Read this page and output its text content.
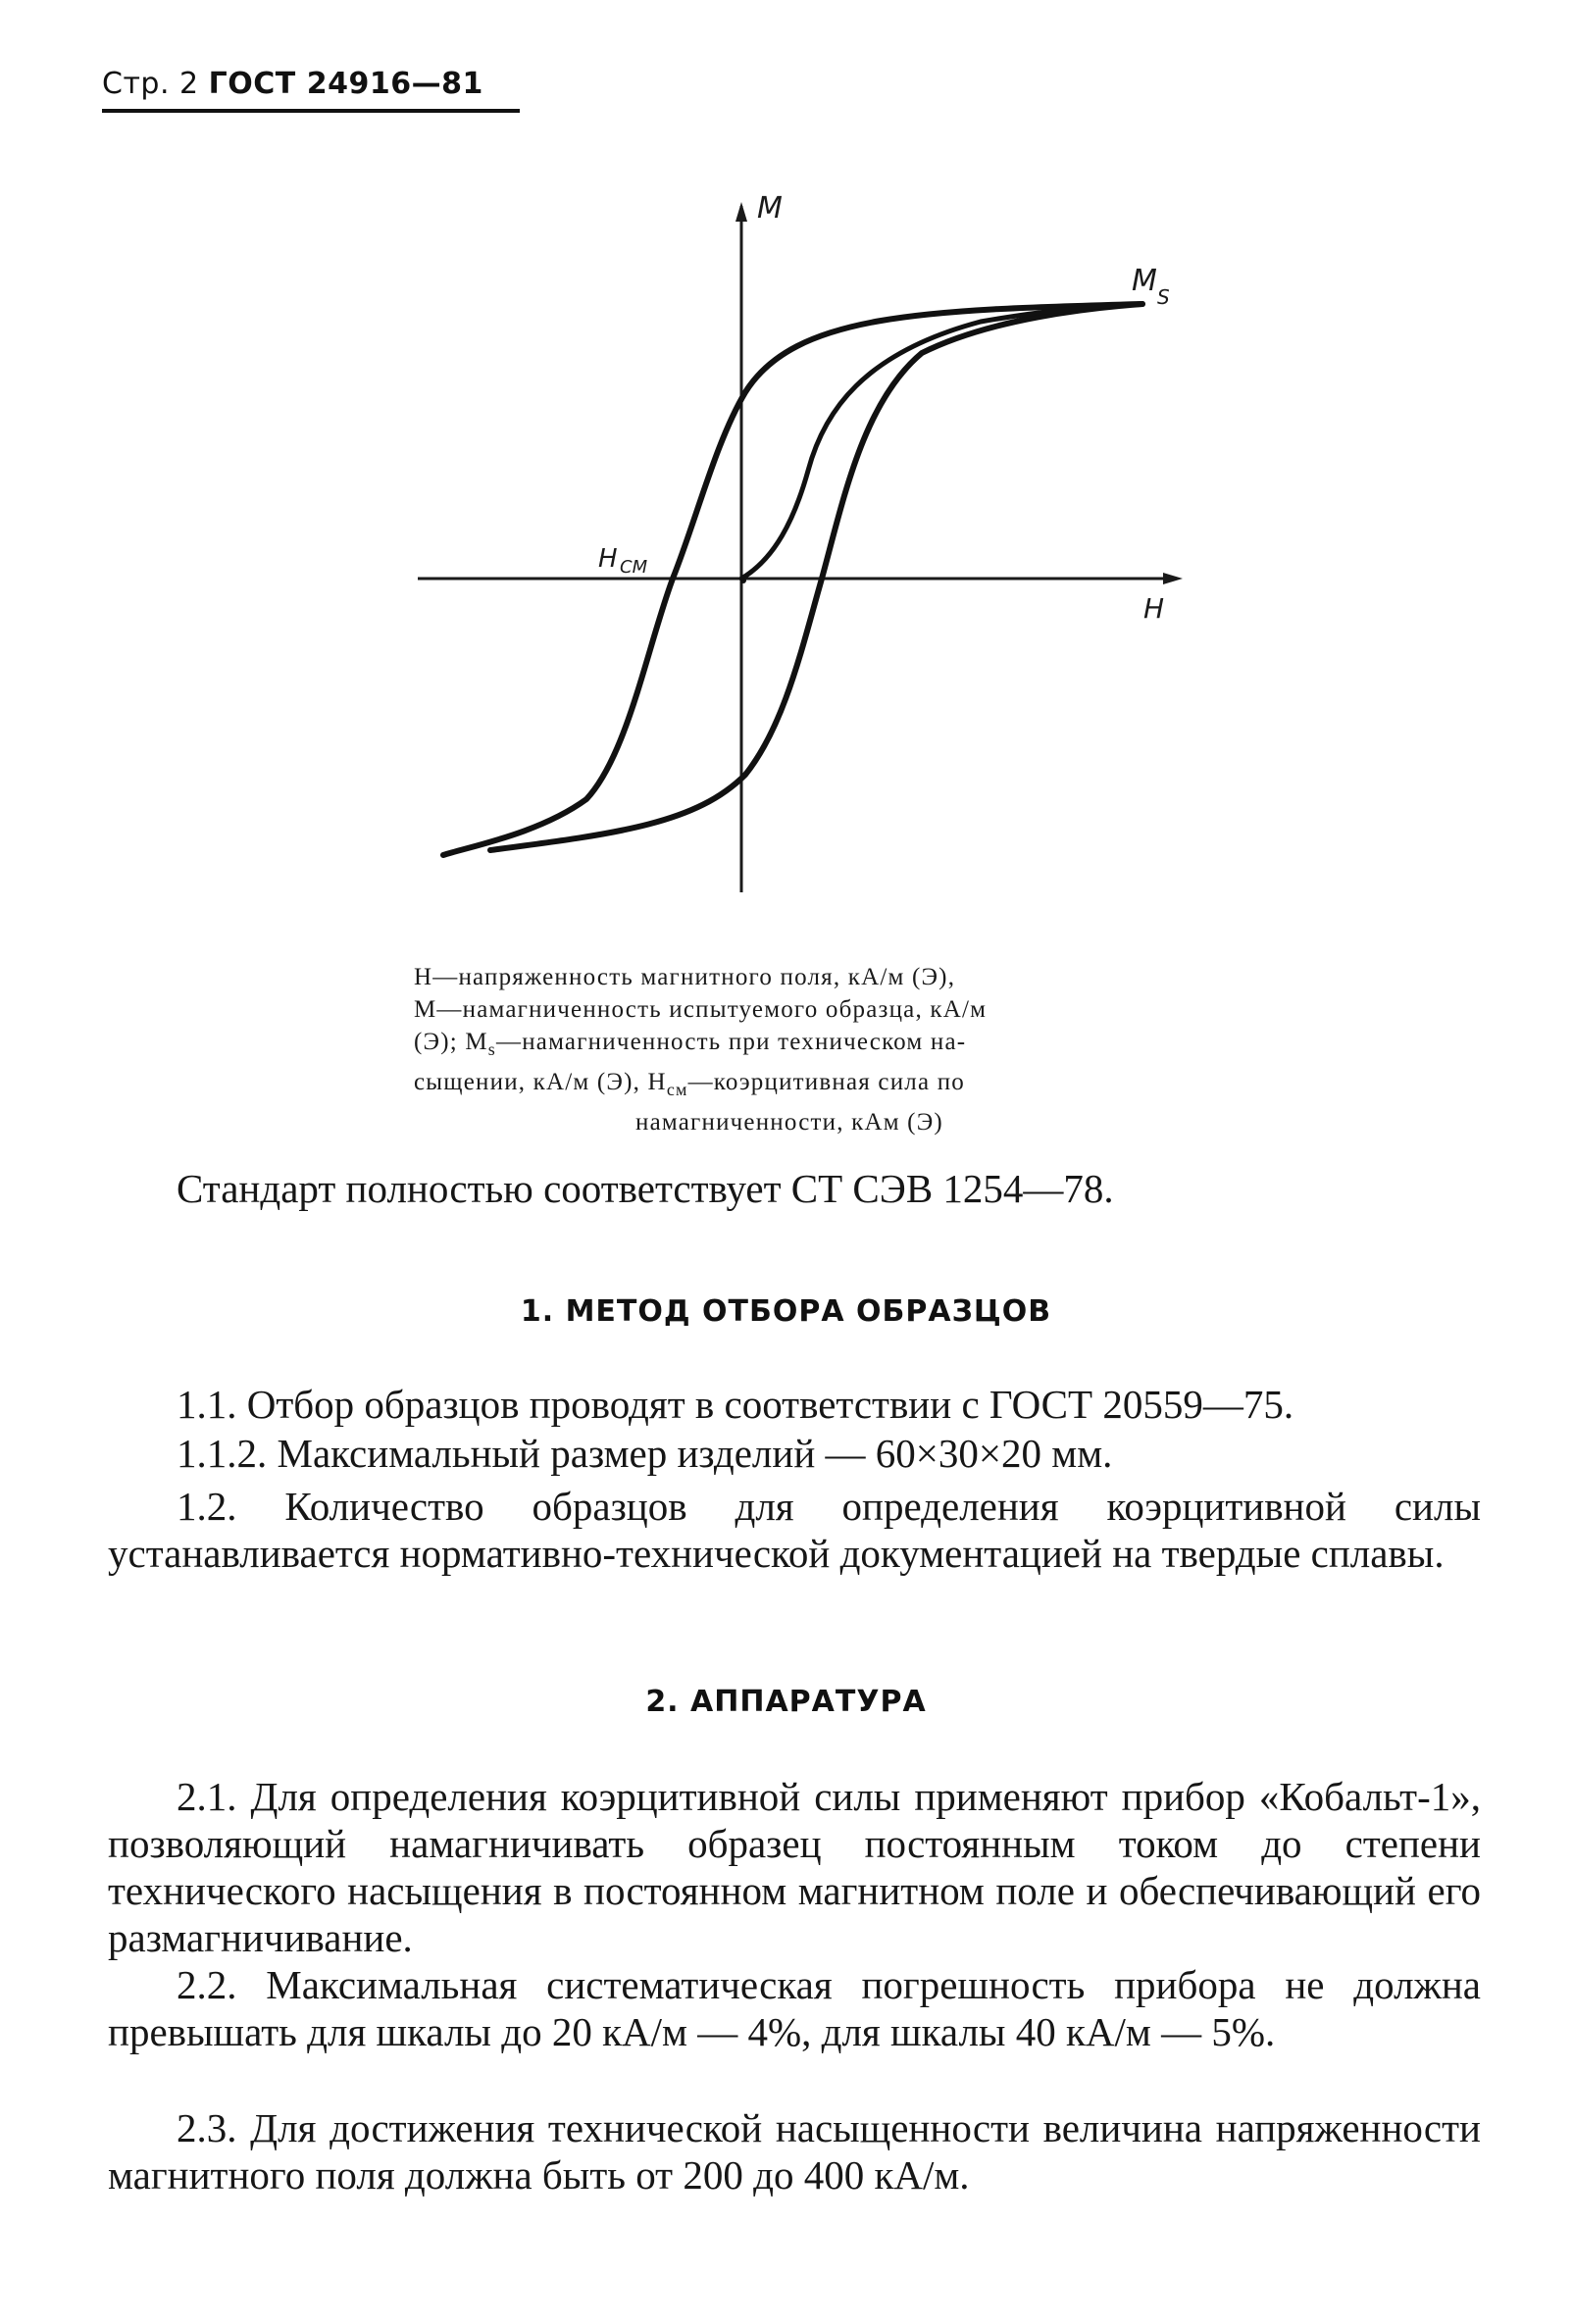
Стр. 2 ГОСТ 24916—81
M
H
M S
H CM
H—напряженность магнитного поля, кА/м (Э),
M—намагниченность испытуемого образца, кА/м
(Э); $M_s—намагниченность$ при техническом на-
сыщении, кА/м (Э), $H_{см}—коэрцитивная$ сила по

намагниченности, кАм (Э)
Стандарт полностью соответствует СТ СЭВ 1254—78.
1. МЕТОД ОТБОРА ОБРАЗЦОВ
1.1. Отбор образцов проводят в соответствии с ГОСТ 20559—75.
1.1.2. Максимальный размер изделий — 60×30×20 мм.
1.2. Количество образцов для определения коэрцитивной силы устанавливается нормативно-технической документацией на твердые сплавы.
2. АППАРАТУРА
2.1. Для определения коэрцитивной силы применяют прибор «Кобальт-1», позволяющий намагничивать образец постоянным током до степени технического насыщения в постоянном магнитном поле и обеспечивающий его размагничивание.
2.2. Максимальная систематическая погрешность прибора не должна превышать для шкалы до 20 кА/м — 4%, для шкалы 40 кА/м — 5%.
2.3. Для достижения технической насыщенности величина напряженности магнитного поля должна быть от 200 до 400 кА/м.
